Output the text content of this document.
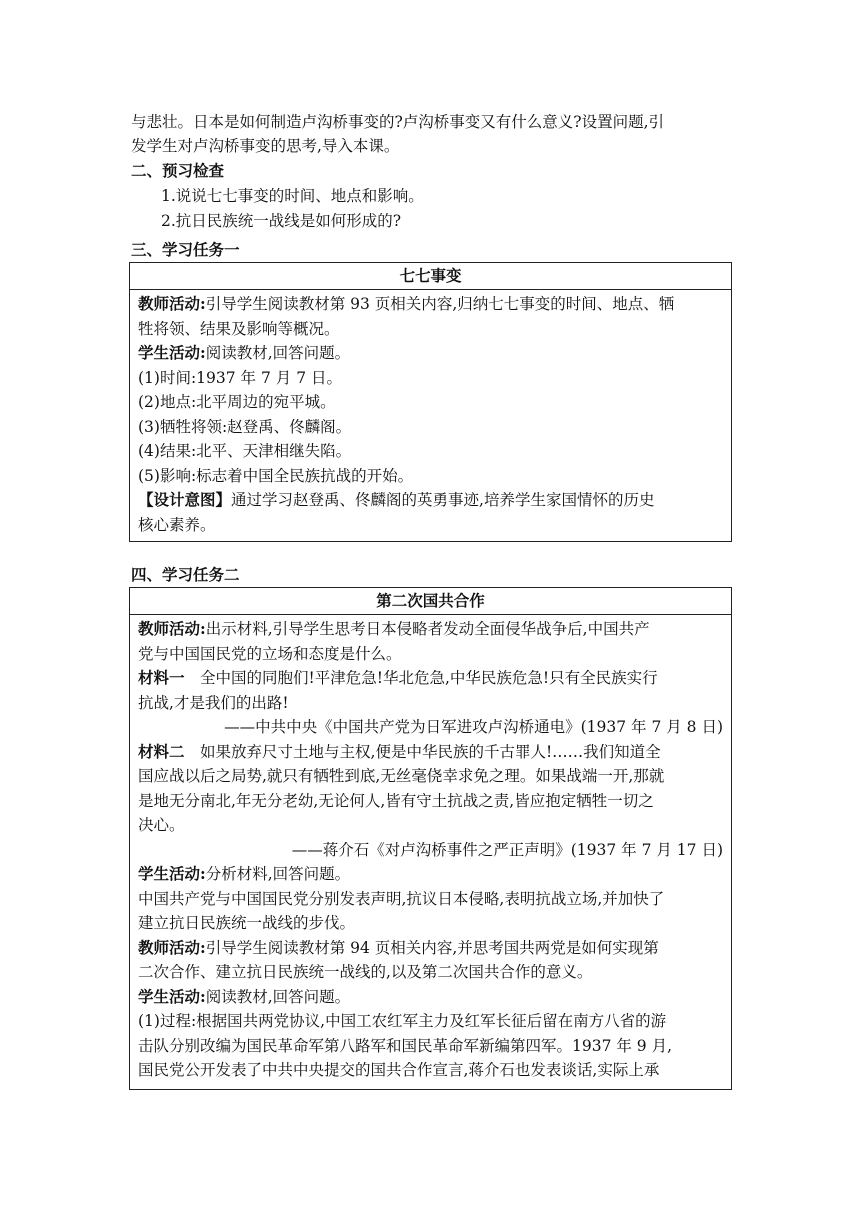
与悲壮。日本是如何制造卢沟桥事变的?卢沟桥事变又有什么意义?设置问题,引
发学生对卢沟桥事变的思考,导入本课。
二、预习检查
1.说说七七事变的时间、地点和影响。
2.抗日民族统一战线是如何形成的?
三、学习任务一
七七事变
教师活动:引导学生阅读教材第 93 页相关内容,归纳七七事变的时间、地点、牺
牲将领、结果及影响等概况。
学生活动:阅读教材,回答问题。
(1)时间:1937 年 7 月 7 日。
(2)地点:北平周边的宛平城。
(3)牺牲将领:赵登禹、佟麟阁。
(4)结果:北平、天津相继失陷。
(5)影响:标志着中国全民族抗战的开始。
【设计意图】通过学习赵登禹、佟麟阁的英勇事迹,培养学生家国情怀的历史
核心素养。
四、学习任务二
第二次国共合作
教师活动:出示材料,引导学生思考日本侵略者发动全面侵华战争后,中国共产
党与中国国民党的立场和态度是什么。
材料一　全中国的同胞们!平津危急!华北危急,中华民族危急!只有全民族实行
抗战,才是我们的出路!
——中共中央《中国共产党为日军进攻卢沟桥通电》(1937 年 7 月 8 日)
材料二　如果放弃尺寸土地与主权,便是中华民族的千古罪人!……我们知道全
国应战以后之局势,就只有牺牲到底,无丝毫侥幸求免之理。如果战端一开,那就
是地无分南北,年无分老幼,无论何人,皆有守土抗战之责,皆应抱定牺牲一切之
决心。
——蒋介石《对卢沟桥事件之严正声明》(1937 年 7 月 17 日)
学生活动:分析材料,回答问题。
中国共产党与中国国民党分别发表声明,抗议日本侵略,表明抗战立场,并加快了
建立抗日民族统一战线的步伐。
教师活动:引导学生阅读教材第 94 页相关内容,并思考国共两党是如何实现第
二次合作、建立抗日民族统一战线的,以及第二次国共合作的意义。
学生活动:阅读教材,回答问题。
(1)过程:根据国共两党协议,中国工农红军主力及红军长征后留在南方八省的游
击队分别改编为国民革命军第八路军和国民革命军新编第四军。1937 年 9 月,
国民党公开发表了中共中央提交的国共合作宣言,蒋介石也发表谈话,实际上承
